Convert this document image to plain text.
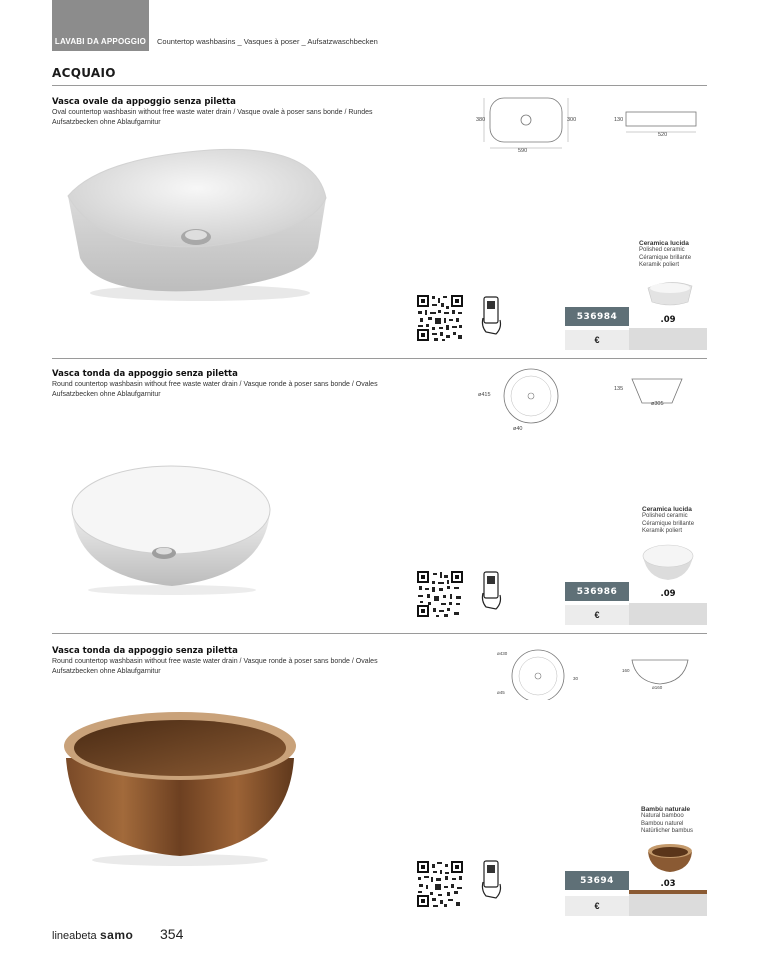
LAVABI DA APPOGGIO Countertop washbasins _ Vasques à poser _ Aufsatzwaschbecken
ACQUAIO
Vasca ovale da appoggio senza piletta
Oval countertop washbasin without free waste water drain / Vasque ovale à poser sans bonde / Rundes Aufsatzbecken ohne Ablaufgarnitur	380	300
590
130
520
Ceramica lucida
Polished ceramic
Céramique brillante
Keramik poliert
536984	.09
€
Vasca tonda da appoggio senza piletta
Round countertop washbasin without free waste water drain / Vasque ronde à poser sans bonde / Ovales Aufsatzbecken ohne Ablaufgarnitur	ø415
ø40
135
ø305
Ceramica lucida
Polished ceramic
Céramique brillante
Keramik poliert
536986	.09
€
Vasca tonda da appoggio senza piletta
Round countertop washbasin without free waste water drain / Vasque ronde à poser sans bonde / Ovales Aufsatzbecken ohne Ablaufgarnitur
ø430
ø45
30
160
ø160
Bambù naturale
Natural bamboo
Bambou naturel
Natürlicher bambus
53694	.03
€
lineabeta samo 354
